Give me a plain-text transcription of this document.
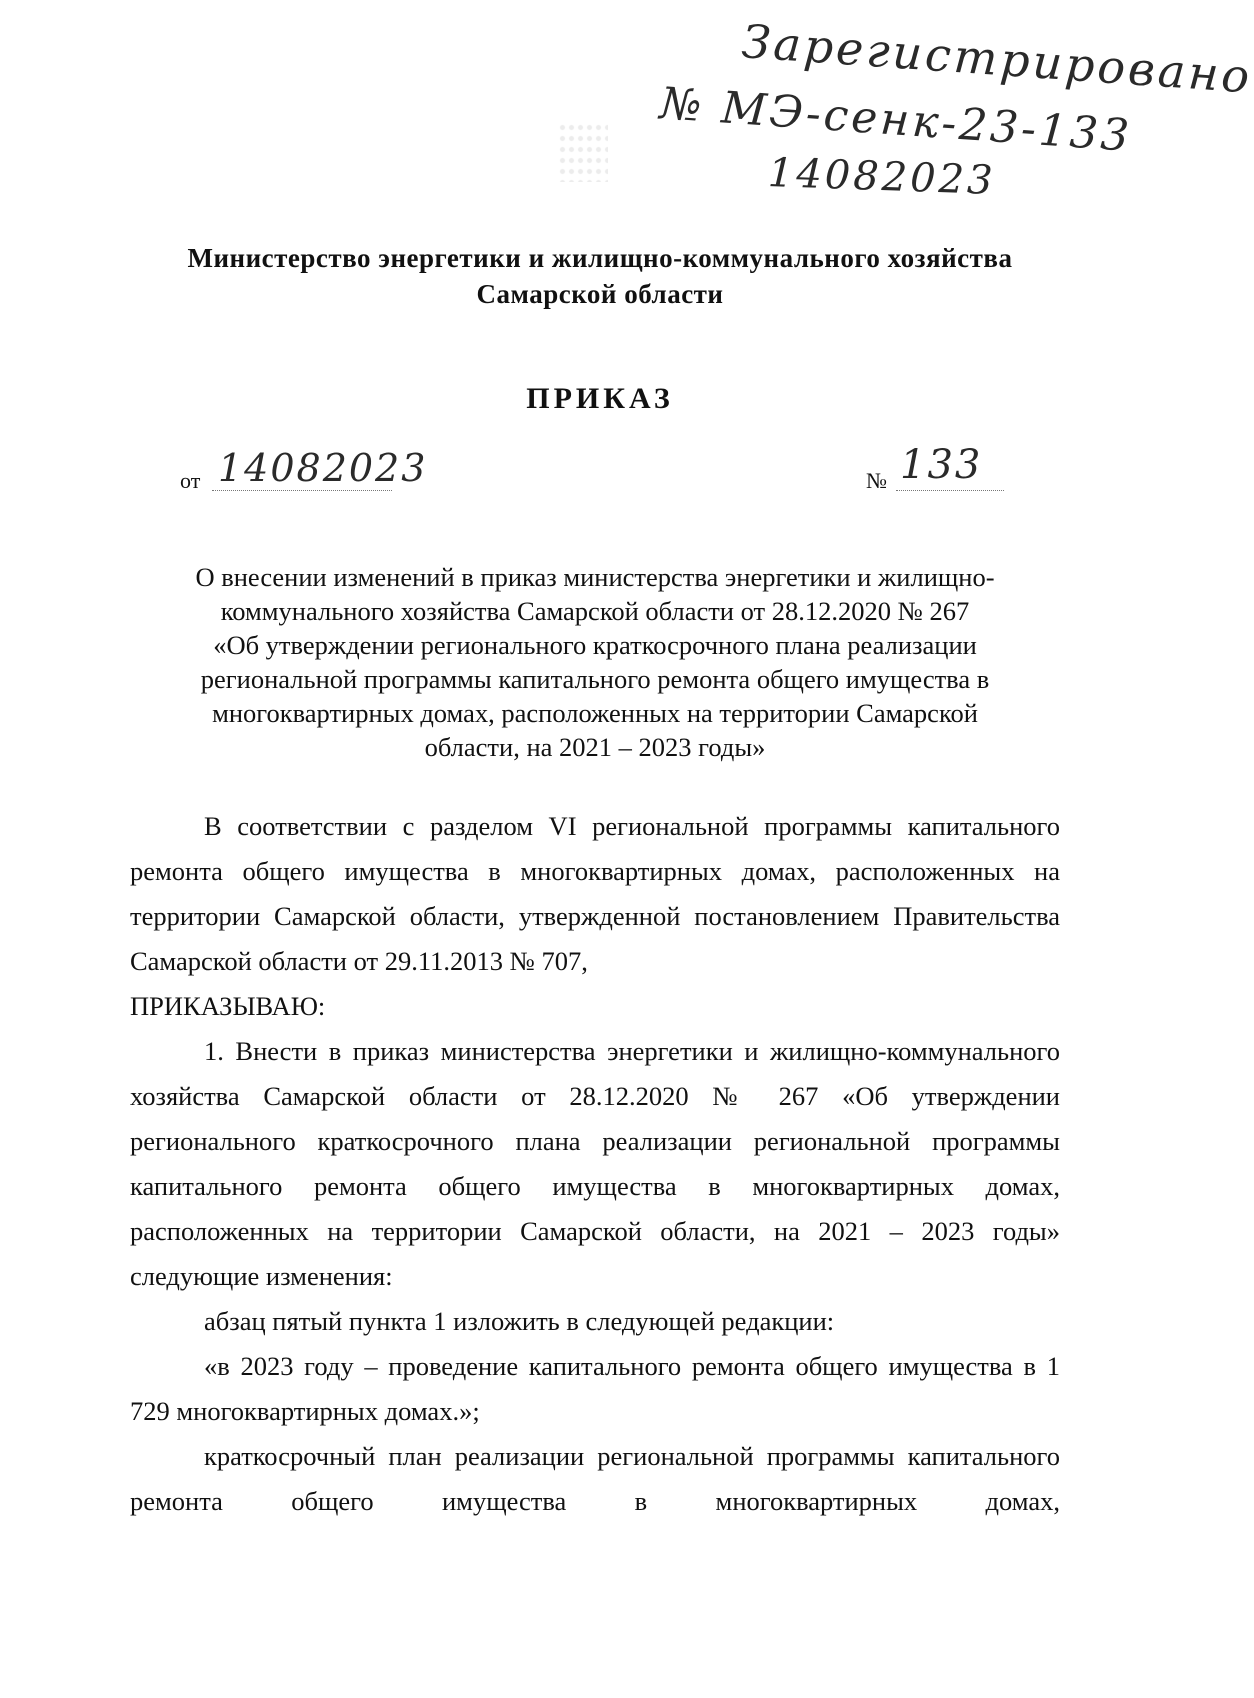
Зарегистрировано
№ МЭ-сенк-23-133
14082023
Министерство энергетики и жилищно-коммунального хозяйства
Самарской области
ПРИКАЗ
от 14082023	№ 133
О внесении изменений в приказ министерства энергетики и жилищно-
коммунального хозяйства Самарской области от 28.12.2020 № 267
«Об утверждении регионального краткосрочного плана реализации
региональной программы капитального ремонта общего имущества в
многоквартирных домах, расположенных на территории Самарской
области, на 2021 – 2023 годы»

В соответствии с разделом VI региональной программы капитального ремонта общего имущества в многоквартирных домах, расположенных на территории Самарской области, утвержденной постановлением Правительства Самарской области от 29.11.2013 № 707,

ПРИКАЗЫВАЮ:

1. Внести в приказ министерства энергетики и жилищно-коммунального хозяйства Самарской области от 28.12.2020 № 267 «Об утверждении регионального краткосрочного плана реализации региональной программы капитального ремонта общего имущества в многоквартирных домах, расположенных на территории Самарской области, на 2021 – 2023 годы» следующие изменения:

абзац пятый пункта 1 изложить в следующей редакции:

«в 2023 году – проведение капитального ремонта общего имущества в 1 729 многоквартирных домах.»;

краткосрочный план реализации региональной программы капитального ремонта общего имущества в многоквартирных домах,
